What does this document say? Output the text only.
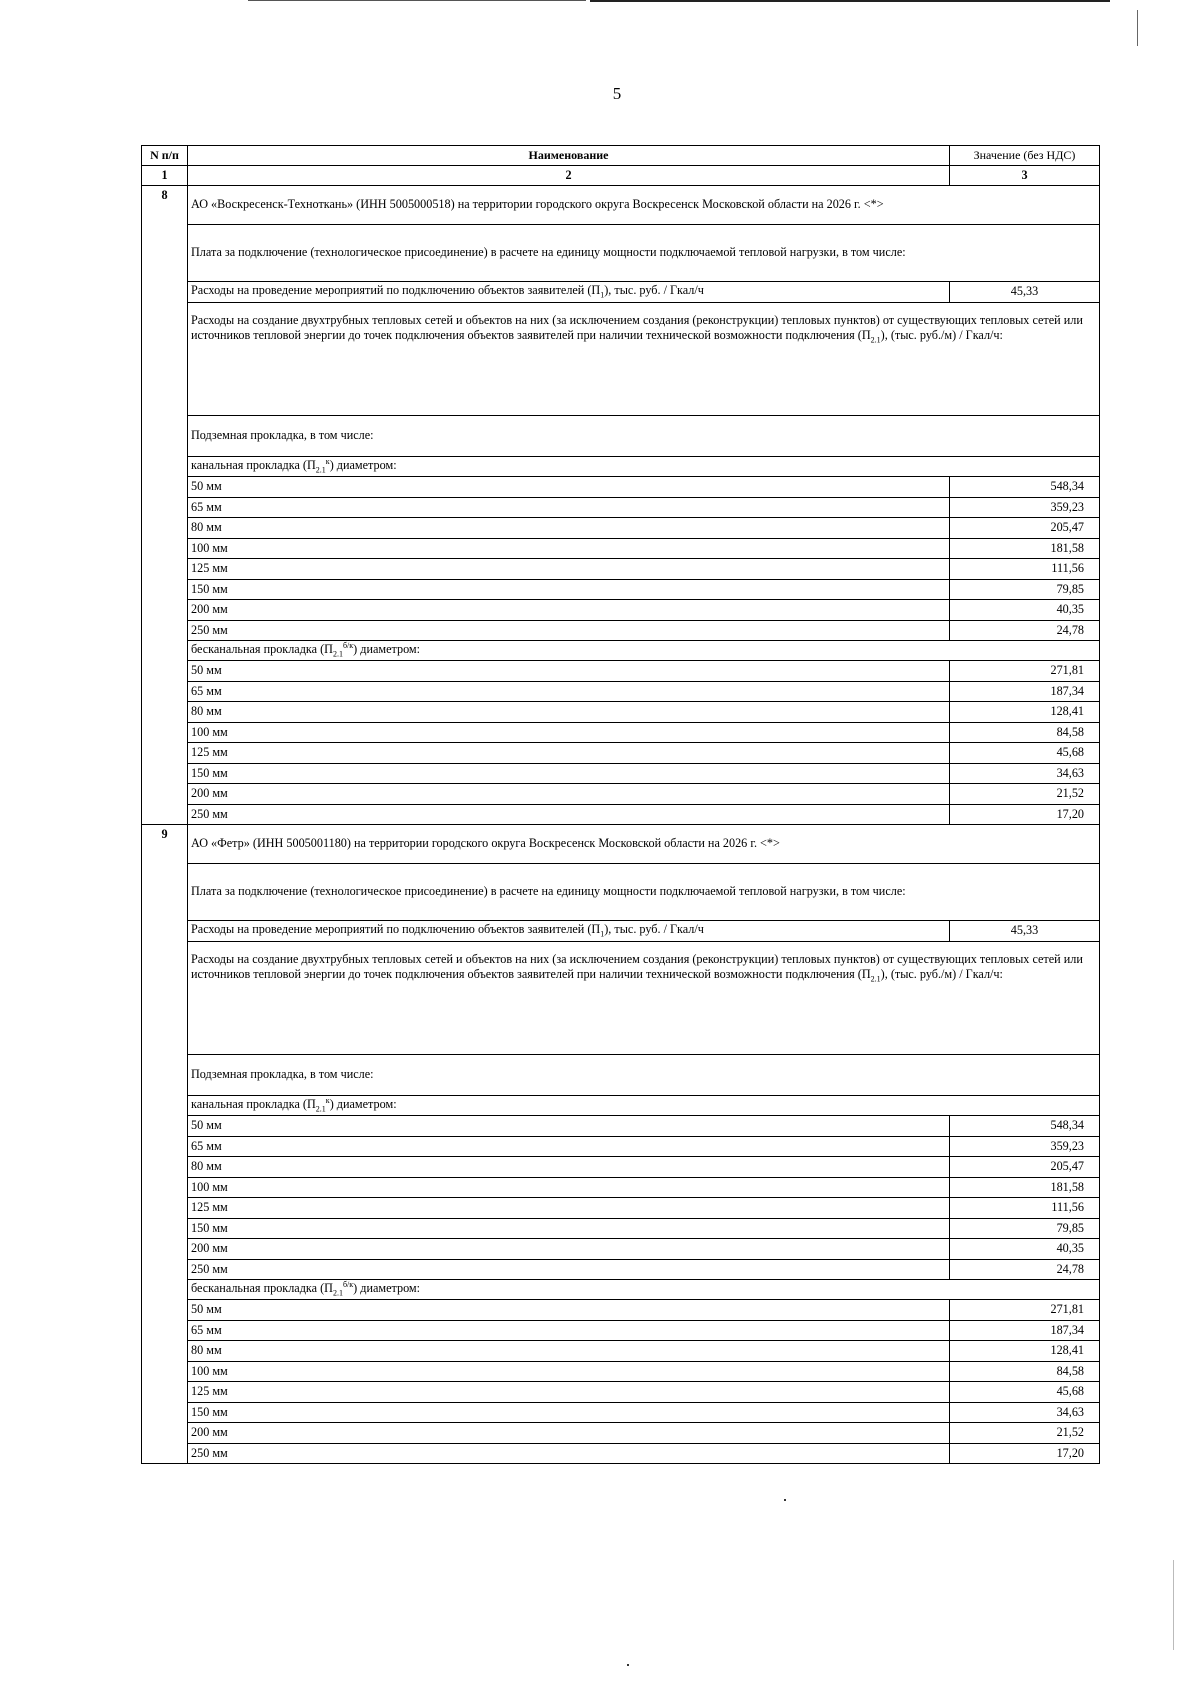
5
N п/п	Наименование	Значение (без НДС)
1	2	3
8	АО «Воскресенск-Техноткань» (ИНН 5005000518) на территории городского округа Воскресенск Московской области на 2026 г. <*>	
	Плата за подключение (технологическое присоединение) в расчете на единицу мощности подключаемой тепловой нагрузки, в том числе:	
	Расходы на проведение мероприятий по подключению объектов заявителей $(П_1)$, тыс. руб. / Гкал/ч	45,33

	Расходы на создание двухтрубных тепловых сетей и объектов на них (за исключением создания (реконструкции) тепловых пунктов) от существующих тепловых сетей или источников тепловой энергии до точек подключения объектов заявителей при наличии технической возможности подключения $(П_{2.1})$, (тыс. руб./м) / Гкал/ч:	

	Подземная прокладка, в том числе:	
	канальная прокладка $(П_{2.1}^к)$ диаметром:	
	50 мм	548,34
	65 мм	359,23
	80 мм	205,47
	100 мм	181,58
	125 мм	111,56
	150 мм	79,85
	200 мм	40,35
	250 мм	24,78
	бесканальная прокладка $(П_{2.1}^{б/к})$ диаметром:	
	50 мм	271,81
	65 мм	187,34
	80 мм	128,41
	100 мм	84,58
	125 мм	45,68
	150 мм	34,63
	200 мм	21,52
	250 мм	17,20
9	АО «Фетр» (ИНН 5005001180) на территории городского округа Воскресенск Московской области на 2026 г. <*>	
	Плата за подключение (технологическое присоединение) в расчете на единицу мощности подключаемой тепловой нагрузки, в том числе:	
	Расходы на проведение мероприятий по подключению объектов заявителей $(П_1)$, тыс. руб. / Гкал/ч	45,33

	Расходы на создание двухтрубных тепловых сетей и объектов на них (за исключением создания (реконструкции) тепловых пунктов) от существующих тепловых сетей или источников тепловой энергии до точек подключения объектов заявителей при наличии технической возможности подключения $(П_{2.1})$, (тыс. руб./м) / Гкал/ч:	

	Подземная прокладка, в том числе:	
	канальная прокладка $(П_{2.1}^к)$ диаметром:	
	50 мм	548,34
	65 мм	359,23
	80 мм	205,47
	100 мм	181,58
	125 мм	111,56
	150 мм	79,85
	200 мм	40,35
	250 мм	24,78
	бесканальная прокладка $(П_{2.1}^{б/к})$ диаметром:	
	50 мм	271,81
	65 мм	187,34
	80 мм	128,41
	100 мм	84,58
	125 мм	45,68
	150 мм	34,63
	200 мм	21,52
	250 мм	17,20
